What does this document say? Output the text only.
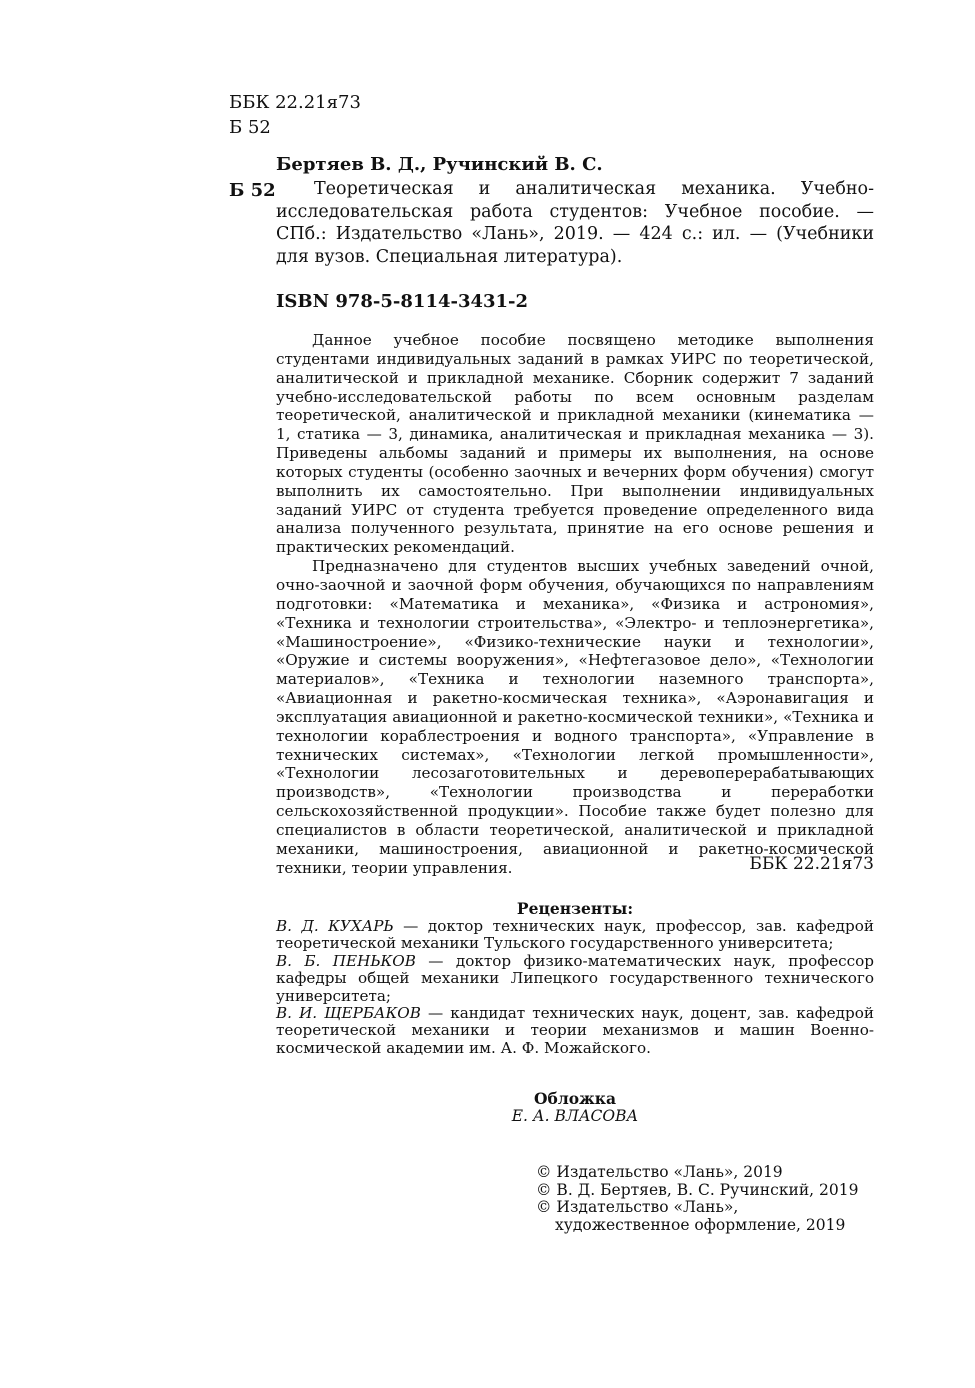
ББК 22.21я73
Б 52
Бертяев В. Д., Ручинский В. С.
Б 52	Теоретическая и аналитическая механика. Учебно-исследовательская работа студентов: Учебное пособие. — СПб.: Издательство «Лань», 2019. — 424 с.: ил. — (Учебники для вузов. Специальная литература).
ISBN 978-5-8114-3431-2

Данное учебное пособие посвящено методике выполнения студентами индивидуальных заданий в рамках УИРС по теоретической, аналитической и прикладной механике. Сборник содержит 7 заданий учебно-исследовательской работы по всем основным разделам теоретической, аналитической и прикладной механики (кинематика — 1, статика — 3, динамика, аналитическая и прикладная механика — 3). Приведены альбомы заданий и примеры их выполнения, на основе которых студенты (особенно заочных и вечерних форм обучения) смогут выполнить их самостоятельно. При выполнении индивидуальных заданий УИРС от студента требуется проведение определенного вида анализа полученного результата, принятие на его основе решения и практических рекомендаций.

Предназначено для студентов высших учебных заведений очной, очно-заочной и заочной форм обучения, обучающихся по направлениям подготовки: «Математика и механика», «Физика и астрономия», «Техника и технологии строительства», «Электро- и теплоэнергетика», «Машиностроение», «Физико-технические науки и технологии», «Оружие и системы вооружения», «Нефтегазовое дело», «Технологии материалов», «Техника и технологии наземного транспорта», «Авиационная и ракетно-космическая техника», «Аэронавигация и эксплуатация авиационной и ракетно-космической техники», «Техника и технологии кораблестроения и водного транспорта», «Управление в технических системах», «Технологии легкой промышленности», «Технологии лесозаготовительных и деревоперерабатывающих производств», «Технологии производства и переработки сельскохозяйственной продукции». Пособие также будет полезно для специалистов в области теоретической, аналитической и прикладной механики, машиностроения, авиационной и ракетно-космической техники, теории управления.	ББК 22.21я73
Рецензенты:

В. Д. КУХАРЬ — доктор технических наук, профессор, зав. кафедрой теоретической механики Тульского государственного университета;

В. Б. ПЕНЬКОВ — доктор физико-математических наук, профессор кафедры общей механики Липецкого государственного технического университета;

В. И. ЩЕРБАКОВ — кандидат технических наук, доцент, зав. кафедрой теоретической механики и теории механизмов и машин Военно-космической академии им. А. Ф. Можайского.

Обложка
Е. А. ВЛАСОВА
© Издательство «Лань», 2019
© В. Д. Бертяев, В. С. Ручинский, 2019
© Издательство «Лань»,
художественное оформление, 2019
